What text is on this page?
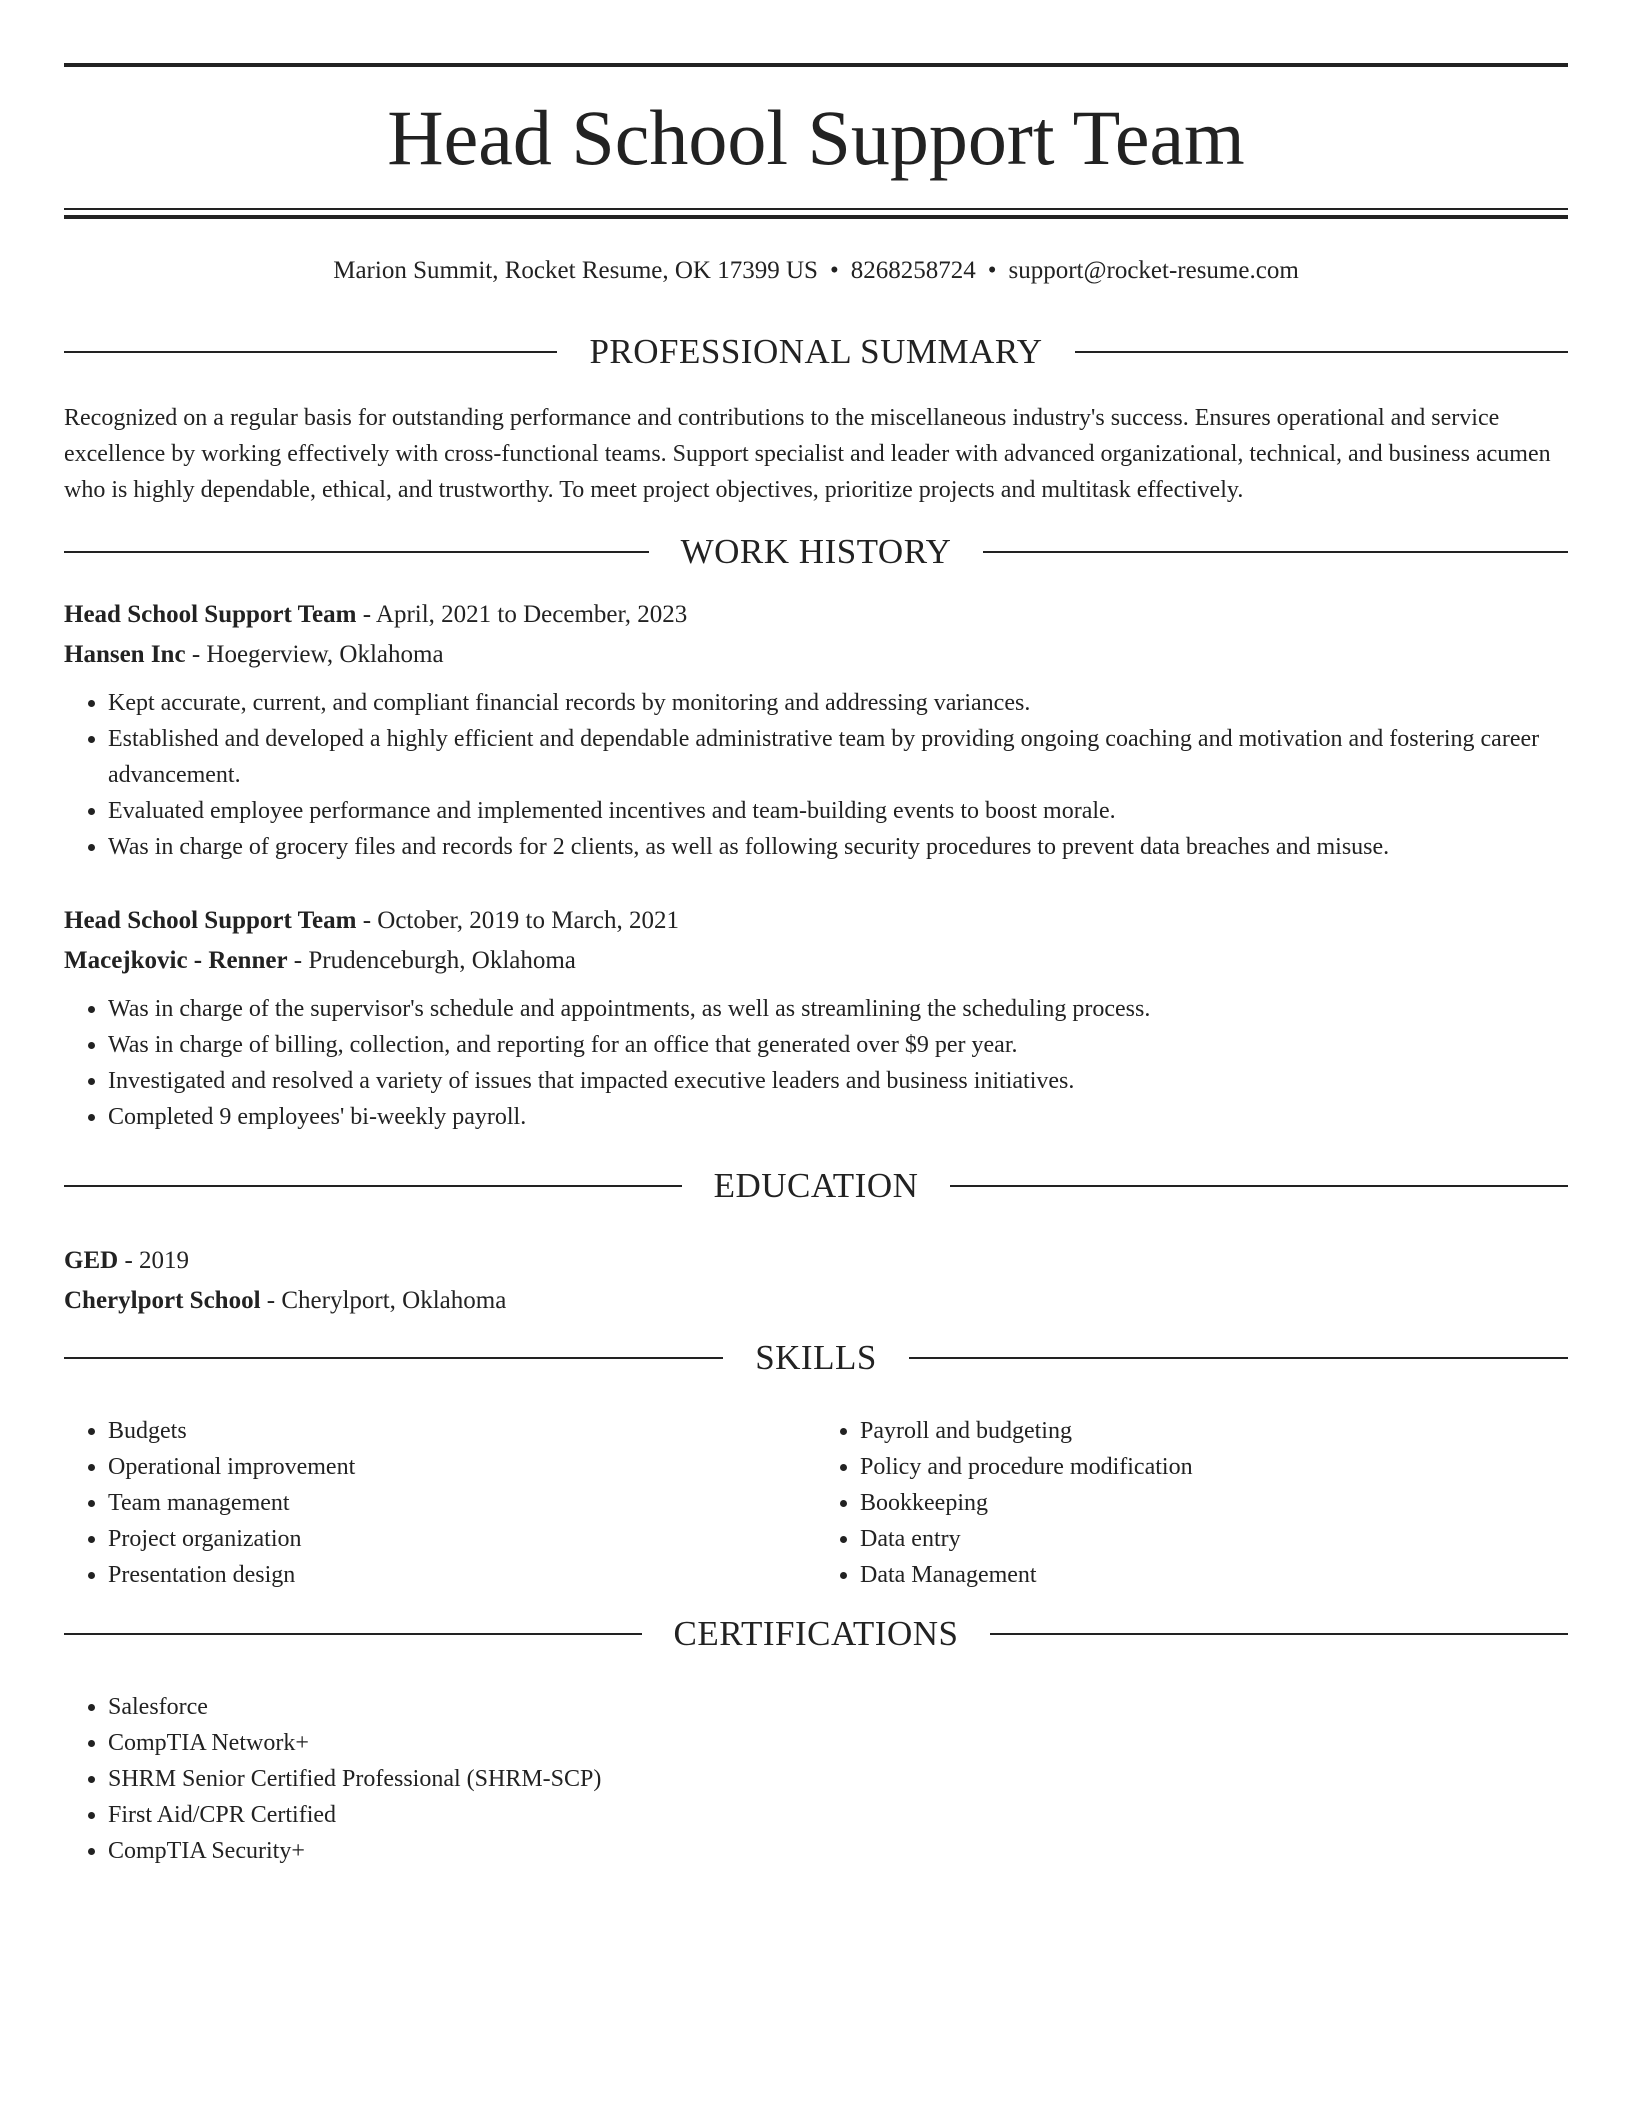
Head School Support Team
Marion Summit, Rocket Resume, OK 17399 US • 8268258724 • support@rocket-resume.com
PROFESSIONAL SUMMARY

Recognized on a regular basis for outstanding performance and contributions to the miscellaneous industry's success. Ensures operational and service excellence by working effectively with cross-functional teams. Support specialist and leader with advanced organizational, technical, and business acumen who is highly dependable, ethical, and trustworthy. To meet project objectives, prioritize projects and multitask effectively.

WORK HISTORY
Head School Support Team - April, 2021 to December, 2023
Hansen Inc - Hoegerview, Oklahoma
• Kept accurate, current, and compliant financial records by monitoring and addressing variances.
• Established and developed a highly efficient and dependable administrative team by providing ongoing coaching and motivation and fostering career advancement.
• Evaluated employee performance and implemented incentives and team-building events to boost morale.
• Was in charge of grocery files and records for 2 clients, as well as following security procedures to prevent data breaches and misuse.
Head School Support Team - October, 2019 to March, 2021
Macejkovic - Renner - Prudenceburgh, Oklahoma
• Was in charge of the supervisor's schedule and appointments, as well as streamlining the scheduling process.
• Was in charge of billing, collection, and reporting for an office that generated over $9 per year.
• Investigated and resolved a variety of issues that impacted executive leaders and business initiatives.
• Completed 9 employees' bi-weekly payroll.
EDUCATION
GED - 2019
Cherylport School - Cherylport, Oklahoma
SKILLS
• Budgets
• Operational improvement
• Team management
• Project organization
• Presentation design
• Payroll and budgeting
• Policy and procedure modification
• Bookkeeping
• Data entry
• Data Management
CERTIFICATIONS
• Salesforce
• CompTIA Network+
• SHRM Senior Certified Professional (SHRM-SCP)
• First Aid/CPR Certified
• CompTIA Security+
